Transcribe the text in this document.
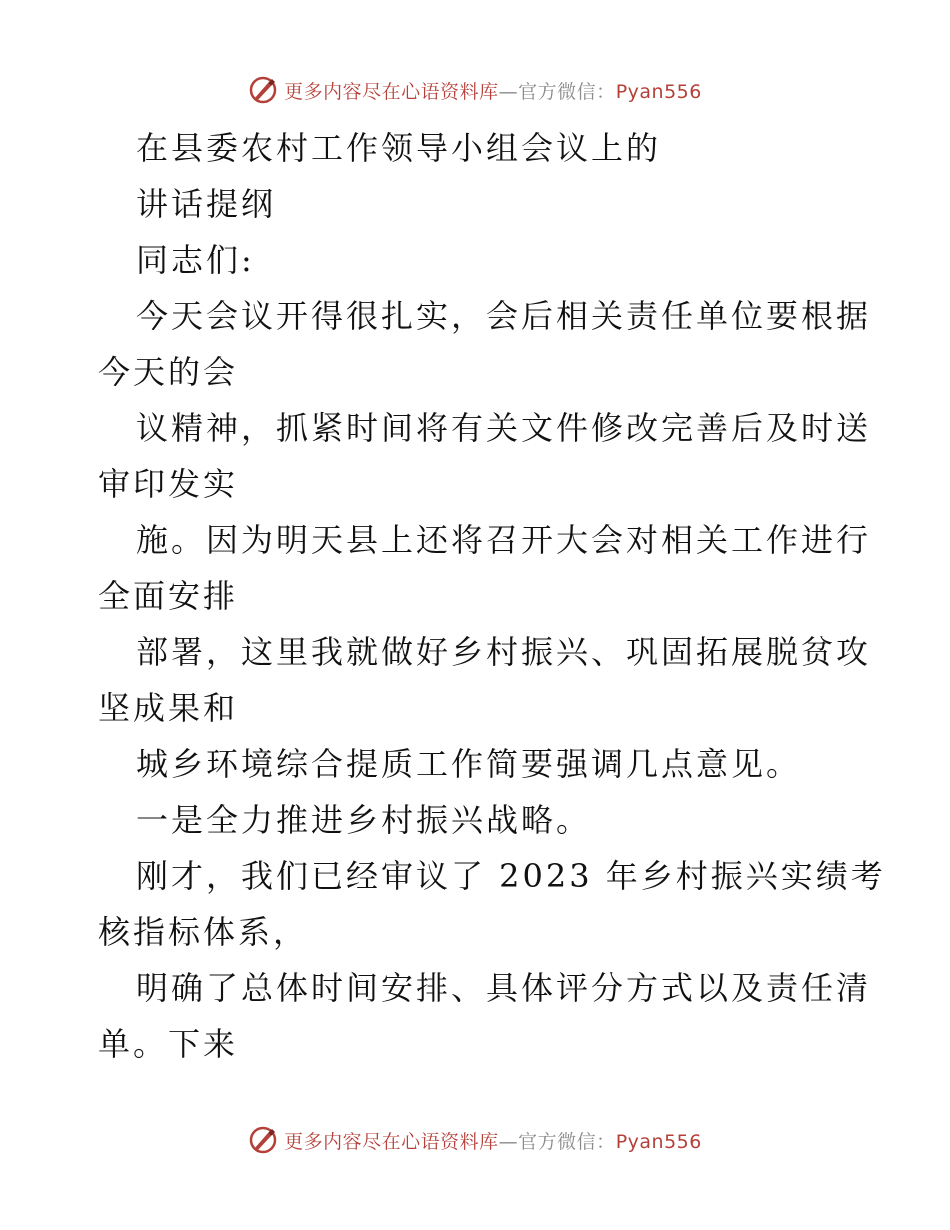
更多内容尽在心语资料库—官方微信：Pyan556
在县委农村工作领导小组会议上的
讲话提纲
同志们:
今天会议开得很扎实，会后相关责任单位要根据
今天的会
议精神，抓紧时间将有关文件修改完善后及时送
审印发实
施。因为明天县上还将召开大会对相关工作进行
全面安排
部署，这里我就做好乡村振兴、巩固拓展脱贫攻
坚成果和
城乡环境综合提质工作简要强调几点意见。
一是全力推进乡村振兴战略。
刚才，我们已经审议了 2023 年乡村振兴实绩考
核指标体系，
明确了总体时间安排、具体评分方式以及责任清
单。下来
更多内容尽在心语资料库—官方微信：Pyan556
